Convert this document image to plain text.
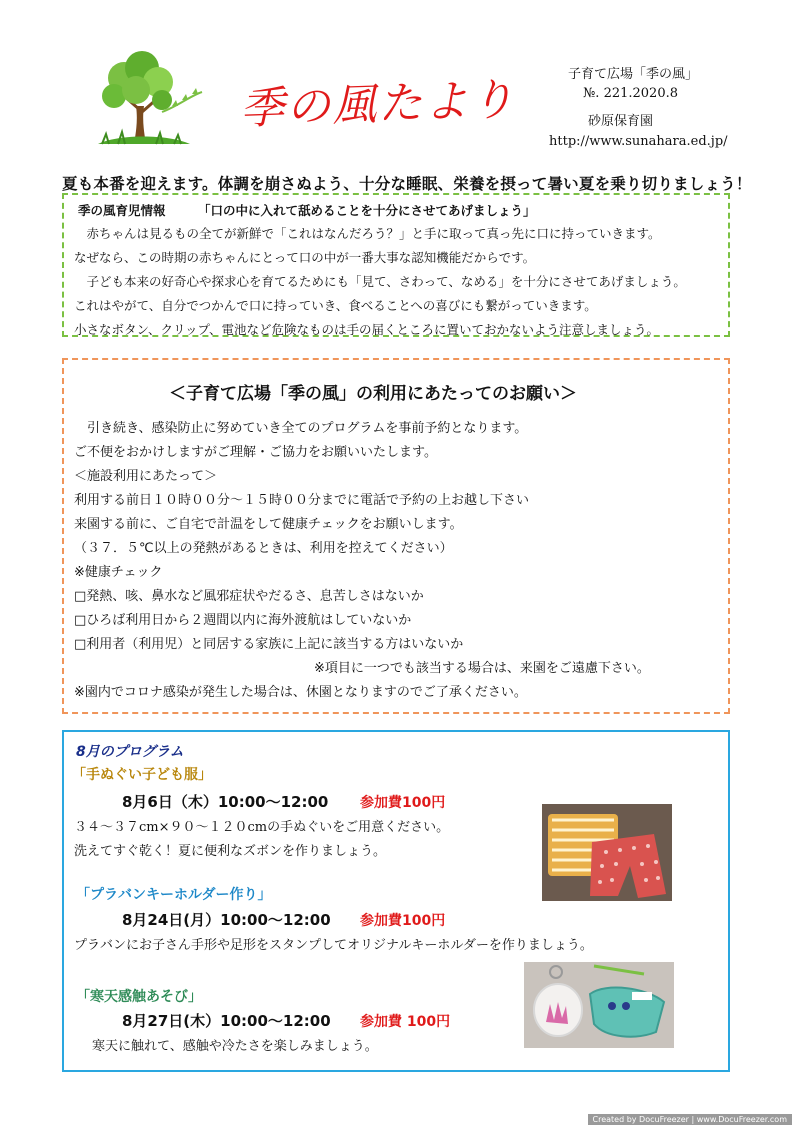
季の風たより	子育て広場「季の風」
№. 221.2020.8
砂原保育園
http://www.sunahara.ed.jp/
夏も本番を迎えます。体調を崩さぬよう、十分な睡眠、栄養を摂って暑い夏を乗り切りましょう！
季の風育児情報	「口の中に入れて舐めることを十分にさせてあげましょう」
　赤ちゃんは見るもの全てが新鮮で「これはなんだろう？」と手に取って真っ先に口に持っていきます。
なぜなら、この時期の赤ちゃんにとって口の中が一番大事な認知機能だからです。
　子ども本来の好奇心や探求心を育てるためにも「見て、さわって、なめる」を十分にさせてあげましょう。
これはやがて、自分でつかんで口に持っていき、食べることへの喜びにも繋がっていきます。
小さなボタン、クリップ、電池など危険なものは手の届くところに置いておかないよう注意しましょう。
＜子育て広場「季の風」の利用にあたってのお願い＞
　引き続き、感染防止に努めていき全てのプログラムを事前予約となります。
ご不便をおかけしますがご理解・ご協力をお願いいたします。
＜施設利用にあたって＞
利用する前日１０時００分～１５時００分までに電話で予約の上お越し下さい
来園する前に、ご自宅で計温をして健康チェックをお願いします。
（３７．５℃以上の発熱があるときは、利用を控えてください）
※健康チェック
□発熱、咳、鼻水など風邪症状やだるさ、息苦しさはないか
□ひろば利用日から２週間以内に海外渡航はしていないか
□利用者（利用児）と同居する家族に上記に該当する方はいないか
※項目に一つでも該当する場合は、来園をご遠慮下さい。
※園内でコロナ感染が発生した場合は、休園となりますのでご了承ください。
8月のプログラム
「手ぬぐい子ども服」
8月6日（木）10:00～12:00 参加費100円
３４～３７cm×９０～１２０cmの手ぬぐいをご用意ください。
洗えてすぐ乾く！夏に便利なズボンを作りましょう。
「プラバンキーホルダー作り」
8月24日(月）10:00～12:00 参加費100円
プラバンにお子さん手形や足形をスタンプしてオリジナルキーホルダーを作りましょう。
「寒天感触あそび」
8月27日(木）10:00～12:00 参加費 100円
寒天に触れて、感触や冷たさを楽しみましょう。
Created by DocuFreezer | www.DocuFreezer.com
